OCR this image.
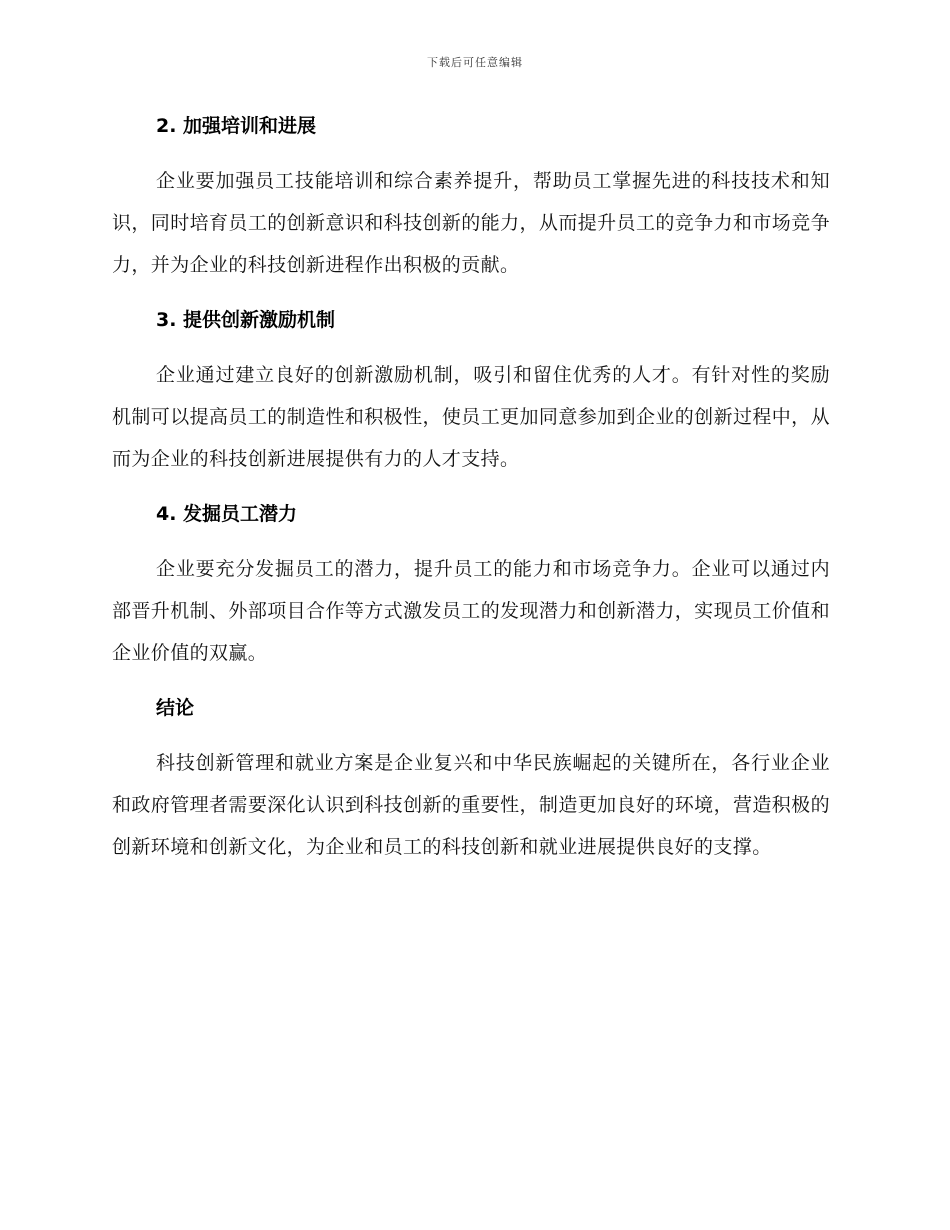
下载后可任意编辑
2. 加强培训和进展

企业要加强员工技能培训和综合素养提升，帮助员工掌握先进的科技技术和知识，同时培育员工的创新意识和科技创新的能力，从而提升员工的竞争力和市场竞争力，并为企业的科技创新进程作出积极的贡献。

3. 提供创新激励机制

企业通过建立良好的创新激励机制，吸引和留住优秀的人才。有针对性的奖励机制可以提高员工的制造性和积极性，使员工更加同意参加到企业的创新过程中，从而为企业的科技创新进展提供有力的人才支持。

4. 发掘员工潜力

企业要充分发掘员工的潜力，提升员工的能力和市场竞争力。企业可以通过内部晋升机制、外部项目合作等方式激发员工的发现潜力和创新潜力，实现员工价值和企业价值的双赢。

结论

科技创新管理和就业方案是企业复兴和中华民族崛起的关键所在，各行业企业和政府管理者需要深化认识到科技创新的重要性，制造更加良好的环境，营造积极的创新环境和创新文化，为企业和员工的科技创新和就业进展提供良好的支撑。
